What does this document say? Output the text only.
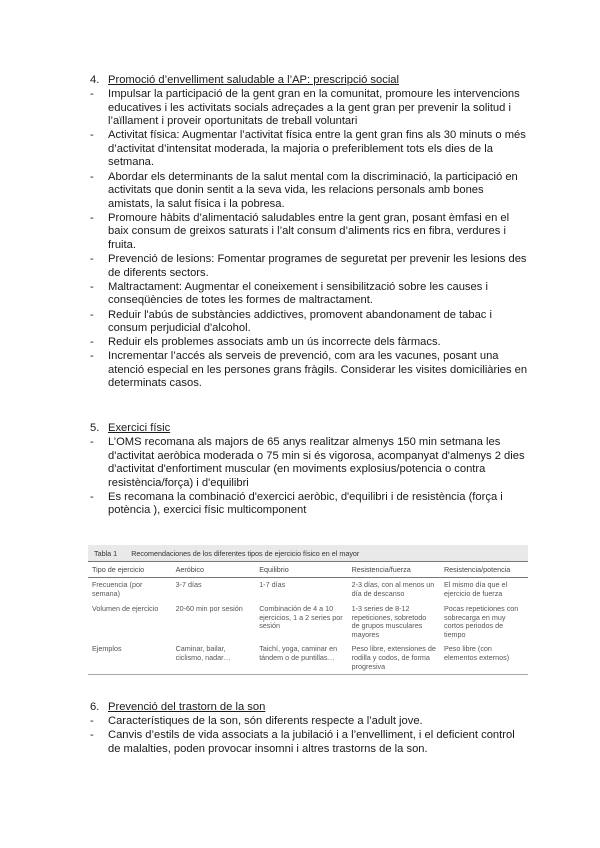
4. Promoció d’envelliment saludable a l’AP: prescripció social
- Impulsar la participació de la gent gran en la comunitat, promoure les intervencions educatives i les activitats socials adreçades a la gent gran per prevenir la solitud i l’aïllament i proveir oportunitats de treball voluntari
- Activitat física: Augmentar l’activitat física entre la gent gran fins als 30 minuts o més d’activitat d’intensitat moderada, la majoria o preferiblement tots els dies de la setmana.
- Abordar els determinants de la salut mental com la discriminació, la participació en activitats que donin sentit a la seva vida, les relacions personals amb bones amistats, la salut física i la pobresa.
- Promoure hàbits d’alimentació saludables entre la gent gran, posant èmfasi en el baix consum de greixos saturats i l’alt consum d’aliments rics en fibra, verdures i fruita.
- Prevenció de lesions: Fomentar programes de seguretat per prevenir les lesions des de diferents sectors.
- Maltractament: Augmentar el coneixement i sensibilització sobre les causes i conseqüències de totes les formes de maltractament.
- Reduir l'abús de substàncies addictives, promovent abandonament de tabac i consum perjudicial d'alcohol.
- Reduir els problemes associats amb un ús incorrecte dels fàrmacs.
- Incrementar l’accés als serveis de prevenció, com ara les vacunes, posant una atenció especial en les persones grans fràgils. Considerar les visites domiciliàries en determinats casos.
5. Exercici físic
- L’OMS recomana als majors de 65 anys realitzar almenys 150 min setmana les d'activitat aeròbica moderada o 75 min si és vigorosa, acompanyat d'almenys 2 dies d'activitat d'enfortiment muscular (en moviments explosius/potencia o contra resistència/força) i d'equilibri
- Es recomana la combinació d'exercici aeròbic, d'equilibri i de resistència (força i potència ), exercici físic multicomponent
Tabla 1 Recomendaciones de los diferentes tipos de ejercicio físico en el mayor
Tipo de ejercicio	Aeróbico	Equilibrio	Resistencia/fuerza	Resistencia/potencia
Frecuencia (por semana)	3-7 días	1-7 días	2-3 días, con al menos un día de descanso	El mismo día que el ejercicio de fuerza
Volumen de ejercicio	20-60 min por sesión	Combinación de 4 a 10 ejercicios, 1 a 2 series por sesión	1-3 series de 8-12 repeticiones, sobretodo de grupos musculares mayores	Pocas repeticiones con sobrecarga en muy cortos periodos de tiempo
Ejemplos	Caminar, bailar, ciclismo, nadar…	Taichí, yoga, caminar en tándem o de puntillas…	Peso libre, extensiones de rodilla y codos, de forma progresiva	Peso libre (con elementos externos)
6. Prevenció del trastorn de la son
- Característiques de la son, són diferents respecte a l’adult jove.
- Canvis d’estils de vida associats a la jubilació i a l’envelliment, i el deficient control de malalties, poden provocar insomni i altres trastorns de la son.
